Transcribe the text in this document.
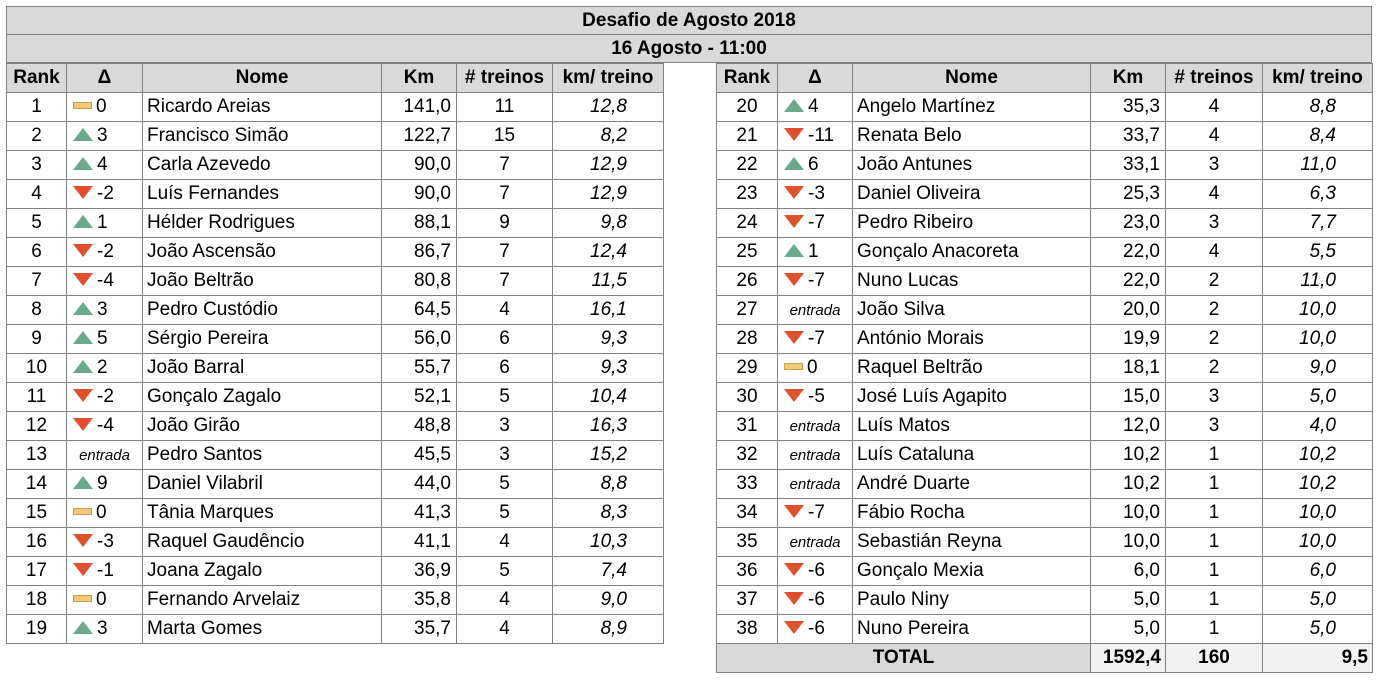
Desafio de Agosto 2018
16 Agosto - 11:00
Rank	Δ	Nome	Km	# treinos	km/ treino
1	0	Ricardo Areias	141,0	11	12,8
2	3	Francisco Simão	122,7	15	8,2
3	4	Carla Azevedo	90,0	7	12,9
4	-2	Luís Fernandes	90,0	7	12,9
5	1	Hélder Rodrigues	88,1	9	9,8
6	-2	João Ascensão	86,7	7	12,4
7	-4	João Beltrão	80,8	7	11,5
8	3	Pedro Custódio	64,5	4	16,1
9	5	Sérgio Pereira	56,0	6	9,3
10	2	João Barral	55,7	6	9,3
11	-2	Gonçalo Zagalo	52,1	5	10,4
12	-4	João Girão	48,8	3	16,3
13	entrada	Pedro Santos	45,5	3	15,2
14	9	Daniel Vilabril	44,0	5	8,8
15	0	Tânia Marques	41,3	5	8,3
16	-3	Raquel Gaudêncio	41,1	4	10,3
17	-1	Joana Zagalo	36,9	5	7,4
18	0	Fernando Arvelaiz	35,8	4	9,0
19	3	Marta Gomes	35,7	4	8,9
Rank	Δ	Nome	Km	# treinos	km/ treino
20	4	Angelo Martínez	35,3	4	8,8
21	-11	Renata Belo	33,7	4	8,4
22	6	João Antunes	33,1	3	11,0
23	-3	Daniel Oliveira	25,3	4	6,3
24	-7	Pedro Ribeiro	23,0	3	7,7
25	1	Gonçalo Anacoreta	22,0	4	5,5
26	-7	Nuno Lucas	22,0	2	11,0
27	entrada	João Silva	20,0	2	10,0
28	-7	António Morais	19,9	2	10,0
29	0	Raquel Beltrão	18,1	2	9,0
30	-5	José Luís Agapito	15,0	3	5,0
31	entrada	Luís Matos	12,0	3	4,0
32	entrada	Luís Cataluna	10,2	1	10,2
33	entrada	André Duarte	10,2	1	10,2
34	-7	Fábio Rocha	10,0	1	10,0
35	entrada	Sebastián Reyna	10,0	1	10,0
36	-6	Gonçalo Mexia	6,0	1	6,0
37	-6	Paulo Niny	5,0	1	5,0
38	-6	Nuno Pereira	5,0	1	5,0
TOTAL			1592,4	160	9,5
